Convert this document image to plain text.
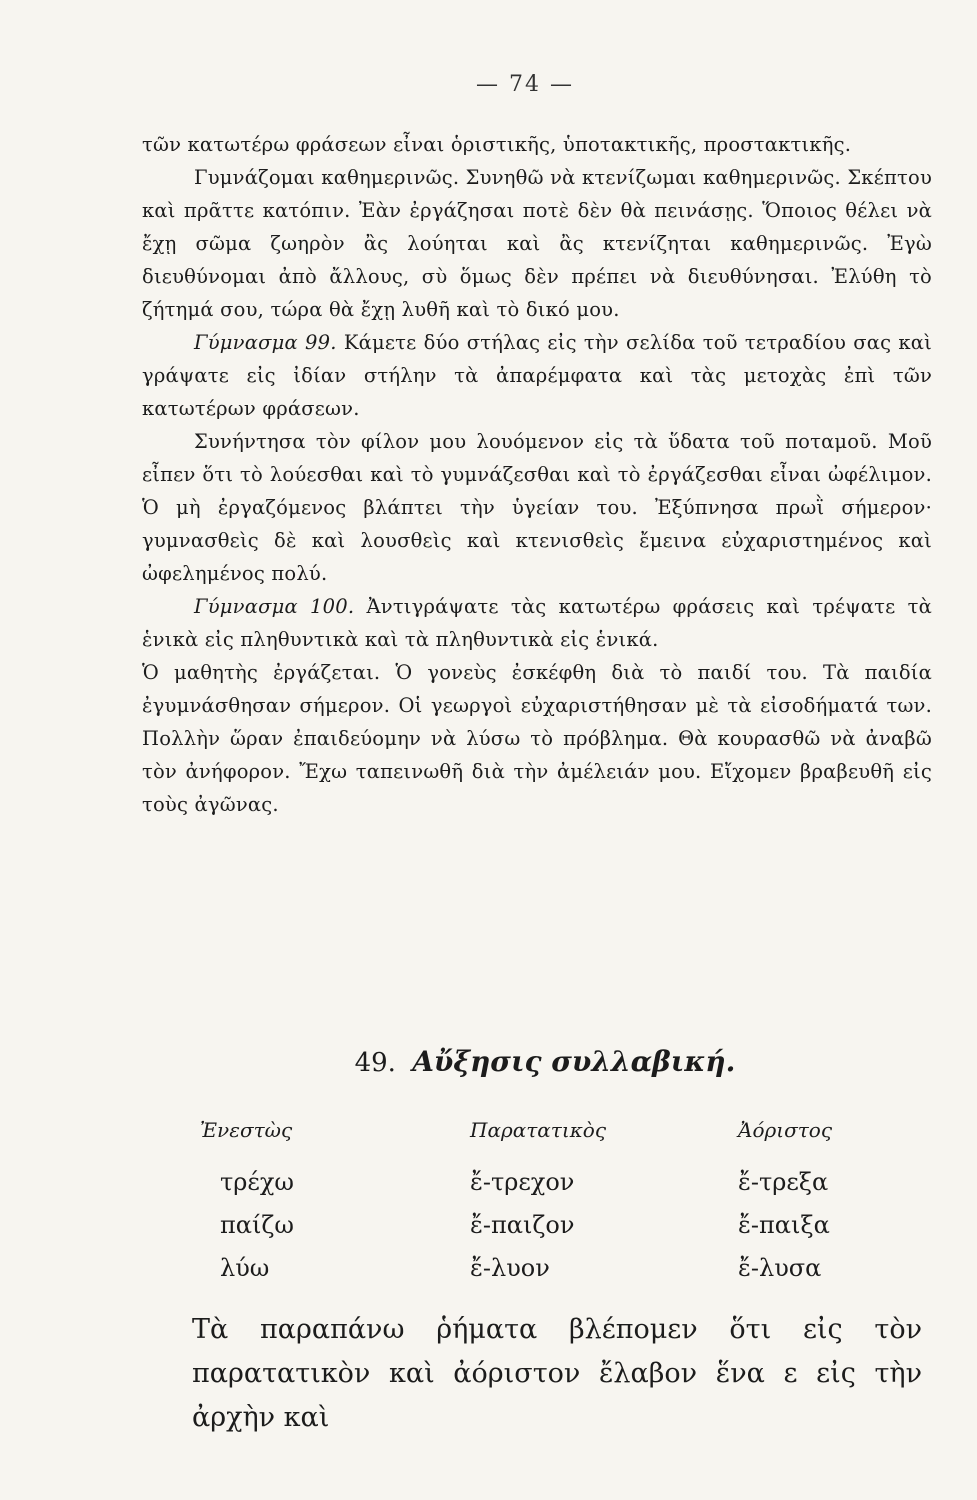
— 74 —

τῶν κατωτέρω φράσεων εἶναι ὁριστικῆς, ὑποτακτικῆς, προστακτικῆς.

Γυμνάζομαι καθημερινῶς. Συνηθῶ νὰ κτενίζωμαι καθημερινῶς. Σκέπτου καὶ πρᾶττε κατόπιν. Ἐὰν ἐργάζησαι ποτὲ δὲν θὰ πεινάσῃς. Ὅποιος θέλει νὰ ἔχῃ σῶμα ζωηρὸν ἂς λούηται καὶ ἂς κτενίζηται καθημερινῶς. Ἐγὼ διευθύνομαι ἀπὸ ἄλλους, σὺ ὅμως δὲν πρέπει νὰ διευθύνησαι. Ἐλύθη τὸ ζήτημά σου, τώρα θὰ ἔχῃ λυθῆ καὶ τὸ δικό μου.

Γύμνασμα 99. Κάμετε δύο στήλας εἰς τὴν σελίδα τοῦ τετραδίου σας καὶ γράψατε εἰς ἰδίαν στήλην τὰ ἀπαρέμφατα καὶ τὰς μετοχὰς ἐπὶ τῶν κατωτέρων φράσεων.

Συνήντησα τὸν φίλον μου λουόμενον εἰς τὰ ὕδατα τοῦ ποταμοῦ. Μοῦ εἶπεν ὅτι τὸ λούεσθαι καὶ τὸ γυμνάζεσθαι καὶ τὸ ἐργάζεσθαι εἶναι ὠφέλιμον. Ὁ μὴ ἐργαζόμενος βλάπτει τὴν ὑγείαν του. Ἐξύπνησα πρωῒ σήμερον· γυμνασθεὶς δὲ καὶ λουσθεὶς καὶ κτενισθεὶς ἔμεινα εὐχαριστημένος καὶ ὠφελημένος πολύ.

Γύμνασμα 100. Ἀντιγράψατε τὰς κατωτέρω φράσεις καὶ τρέψατε τὰ ἑνικὰ εἰς πληθυντικὰ καὶ τὰ πληθυντικὰ εἰς ἑνικά.

Ὁ μαθητὴς ἐργάζεται. Ὁ γονεὺς ἐσκέφθη διὰ τὸ παιδί του. Τὰ παιδία ἐγυμνάσθησαν σήμερον. Οἱ γεωργοὶ εὐχαριστήθησαν μὲ τὰ εἰσοδήματά των. Πολλὴν ὥραν ἐπαιδεύομην νὰ λύσω τὸ πρόβλημα. Θὰ κουρασθῶ νὰ ἀναβῶ τὸν ἀνήφορον. Ἔχω ταπεινωθῆ διὰ τὴν ἀμέλειάν μου. Εἴχομεν βραβευθῆ εἰς τοὺς ἀγῶνας.

49. Αὔξησις συλλαβική.
Ἐνεστὼς	Παρατατικὸς	Ἀόριστος
τρέχω	ἔ-τρεχον	ἔ-τρεξα
παίζω	ἔ-παιζον	ἔ-παιξα
λύω	ἔ-λυον	ἔ-λυσα

Τὰ παραπάνω ῥήματα βλέπομεν ὅτι εἰς τὸν παρατατικὸν καὶ ἀόριστον ἔλαβον ἕνα ε εἰς τὴν ἀρχὴν καὶ
